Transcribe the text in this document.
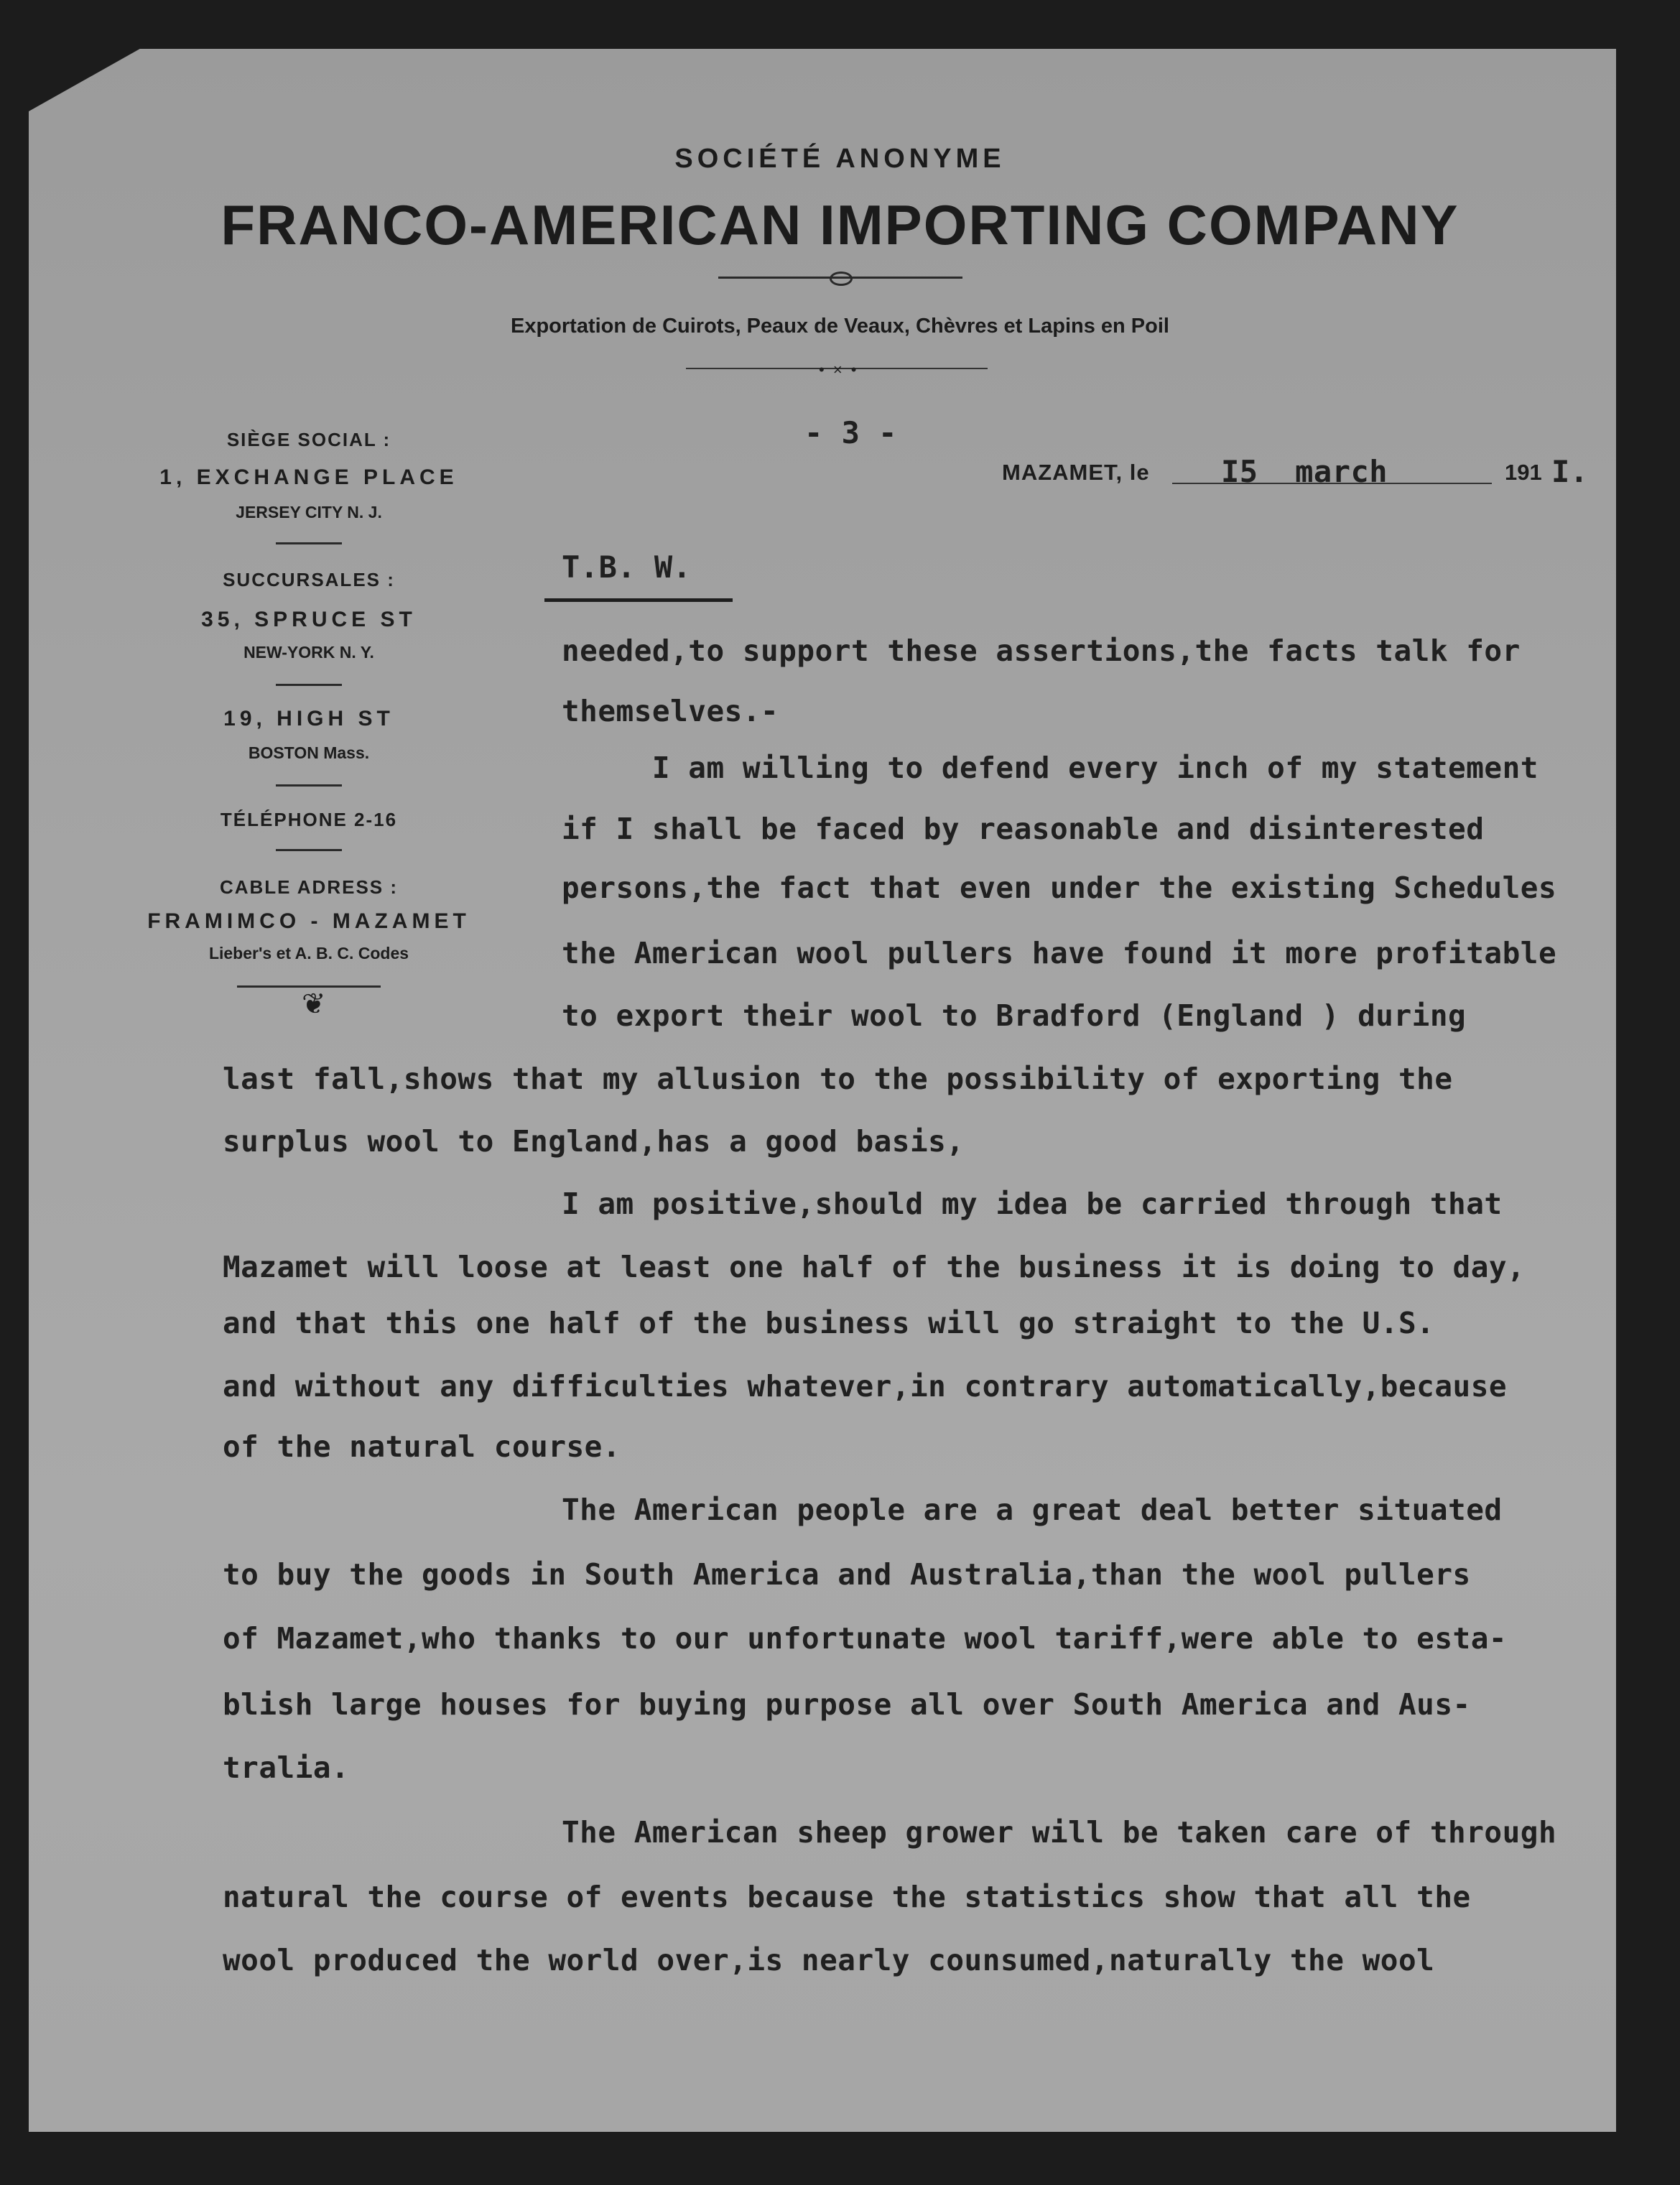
SOCIÉTÉ ANONYME
FRANCO-AMERICAN IMPORTING COMPANY
Exportation de Cuirots, Peaux de Veaux, Chèvres et Lapins en Poil
• × •
SIÈGE SOCIAL :
1, EXCHANGE PLACE
JERSEY CITY N. J.
SUCCURSALES :
35, SPRUCE ST
NEW-YORK N. Y.
19, HIGH ST
BOSTON Mass.
TÉLÉPHONE 2-16
CABLE ADRESS :
FRAMIMCO - MAZAMET
Lieber's et A. B. C. Codes
❦
- 3 -
MAZAMET, le I5  march	191 I.
T.B. W.
needed,to support these assertions,the facts talk for
themselves.-
I am willing to defend every inch of my statement
if I shall be faced by reasonable and disinterested
persons,the fact that even under the existing Schedules
the American wool pullers have found it more profitable
to export their wool to Bradford (England ) during
last fall,shows that my allusion to the possibility of exporting the
surplus wool to England,has a good basis,
I am positive,should my idea be carried through that
Mazamet will loose at least one half of the business it is doing to day,
and that this one half of the business will go straight to the U.S.
and without any difficulties whatever,in contrary automatically,because
of the natural course.
The American people are a great deal better situated
to buy the goods in South America and Australia,than the wool pullers
of Mazamet,who thanks to our unfortunate wool tariff,were able to esta-
blish large houses for buying purpose all over South America and Aus-
tralia.
The American sheep grower will be taken care of through
natural the course of events because the statistics show that all the
wool produced the world over,is nearly counsumed,naturally the wool
